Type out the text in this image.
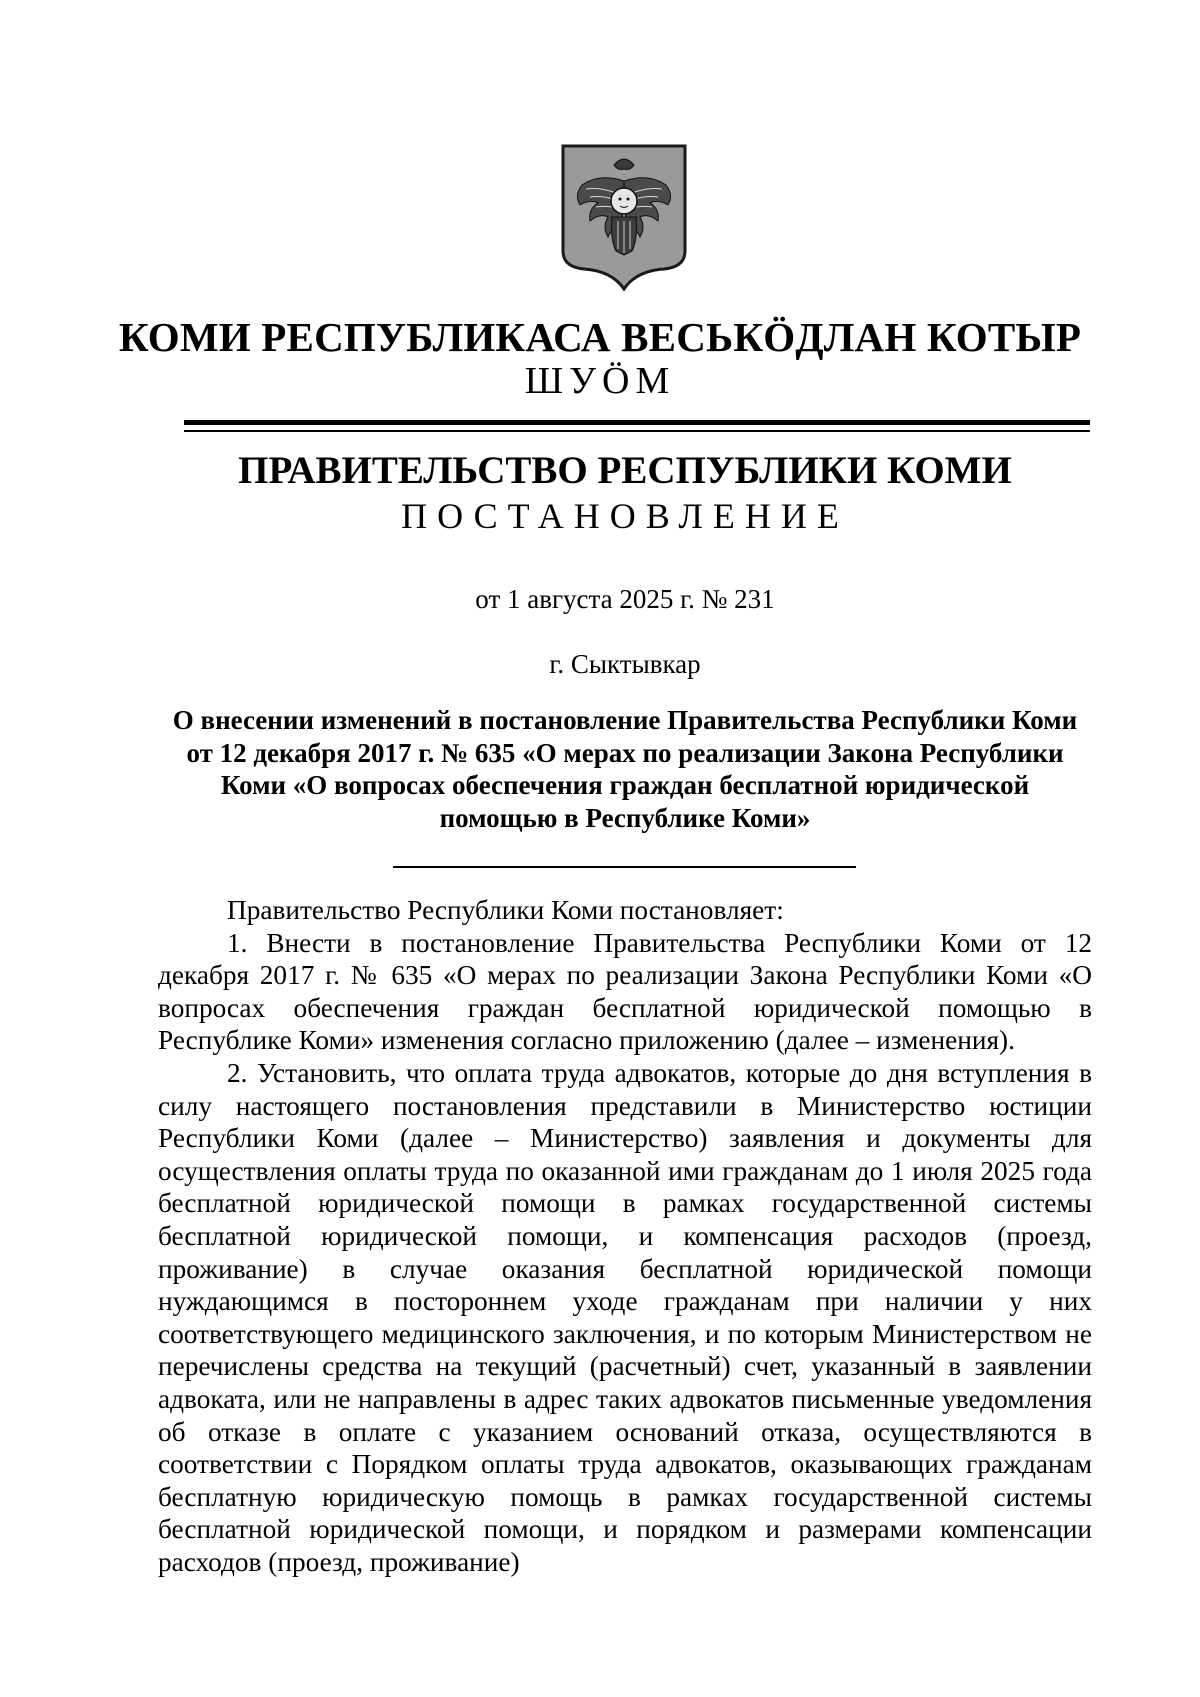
КОМИ РЕСПУБЛИКАСА ВЕСЬКӦДЛАН КОТЫР
ШУӦМ
ПРАВИТЕЛЬСТВО РЕСПУБЛИКИ КОМИ
ПОСТАНОВЛЕНИЕ
от 1 августа 2025 г. № 231
г. Сыктывкар
О внесении изменений в постановление Правительства Республики Коми от 12 декабря 2017 г. № 635 «О мерах по реализации Закона Республики Коми «О вопросах обеспечения граждан бесплатной юридической помощью в Республике Коми»

Правительство Республики Коми постановляет:

1. Внести в постановление Правительства Республики Коми от 12 декабря 2017 г. № 635 «О мерах по реализации Закона Республики Коми «О вопросах обеспечения граждан бесплатной юридической помощью в Республике Коми» изменения согласно приложению (далее – изменения).

2. Установить, что оплата труда адвокатов, которые до дня вступления в силу настоящего постановления представили в Министерство юстиции Республики Коми (далее – Министерство) заявления и документы для осуществления оплаты труда по оказанной ими гражданам до 1 июля 2025 года бесплатной юридической помощи в рамках государственной системы бесплатной юридической помощи, и компенсация расходов (проезд, проживание) в случае оказания бесплатной юридической помощи нуждающимся в постороннем уходе гражданам при наличии у них соответствующего медицинского заключения, и по которым Министерством не перечислены средства на текущий (расчетный) счет, указанный в заявлении адвоката, или не направлены в адрес таких адвокатов письменные уведомления об отказе в оплате с указанием оснований отказа, осуществляются в соответствии с Порядком оплаты труда адвокатов, оказывающих гражданам бесплатную юридическую помощь в рамках государственной системы бесплатной юридической помощи, и порядком и размерами компенсации расходов (проезд, проживание)
